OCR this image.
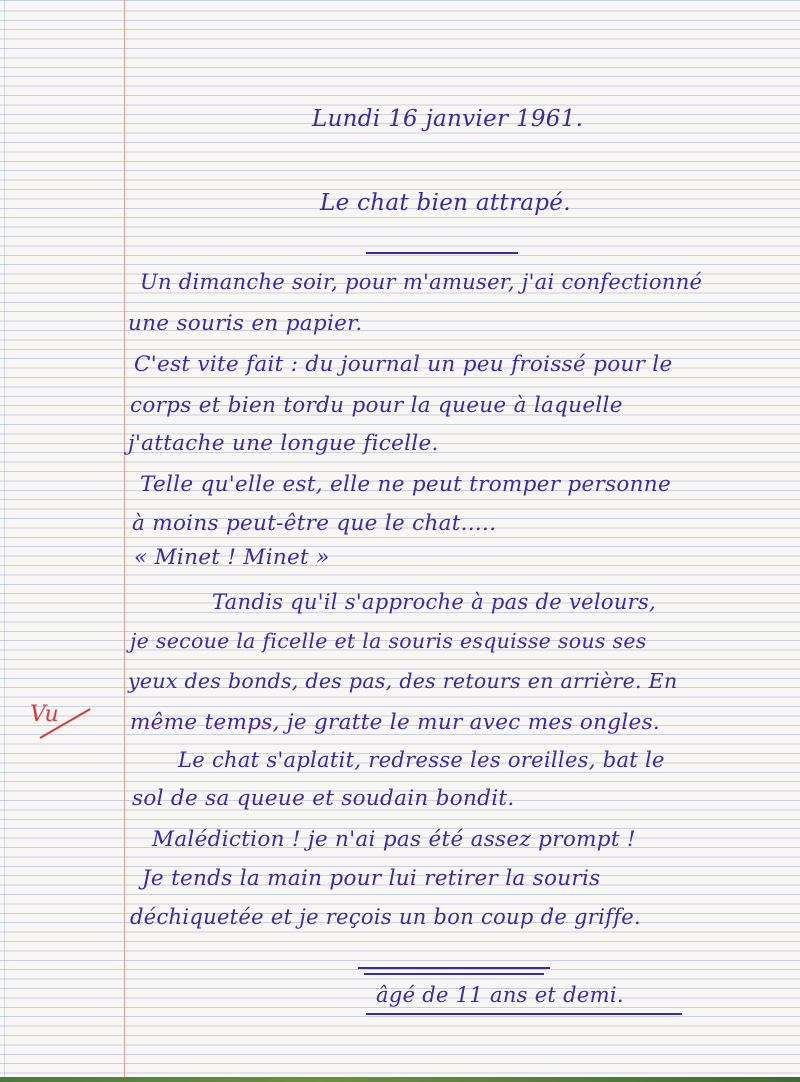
Lundi 16 janvier 1961.
Le chat bien attrapé.
Un dimanche soir, pour m'amuser, j'ai confectionné
une souris en papier.
C'est vite fait : du journal un peu froissé pour le
corps et bien tordu pour la queue à laquelle
j'attache une longue ficelle.
Telle qu'elle est, elle ne peut tromper personne
à moins peut-être que le chat.....
« Minet ! Minet »
Tandis qu'il s'approche à pas de velours,
je secoue la ficelle et la souris esquisse sous ses
yeux des bonds, des pas, des retours en arrière. En
même temps, je gratte le mur avec mes ongles.
Le chat s'aplatit, redresse les oreilles, bat le
sol de sa queue et soudain bondit.
Malédiction ! je n'ai pas été assez prompt !
Je tends la main pour lui retirer la souris
déchiquetée et je reçois un bon coup de griffe.
âgé de 11 ans et demi.
Vu
